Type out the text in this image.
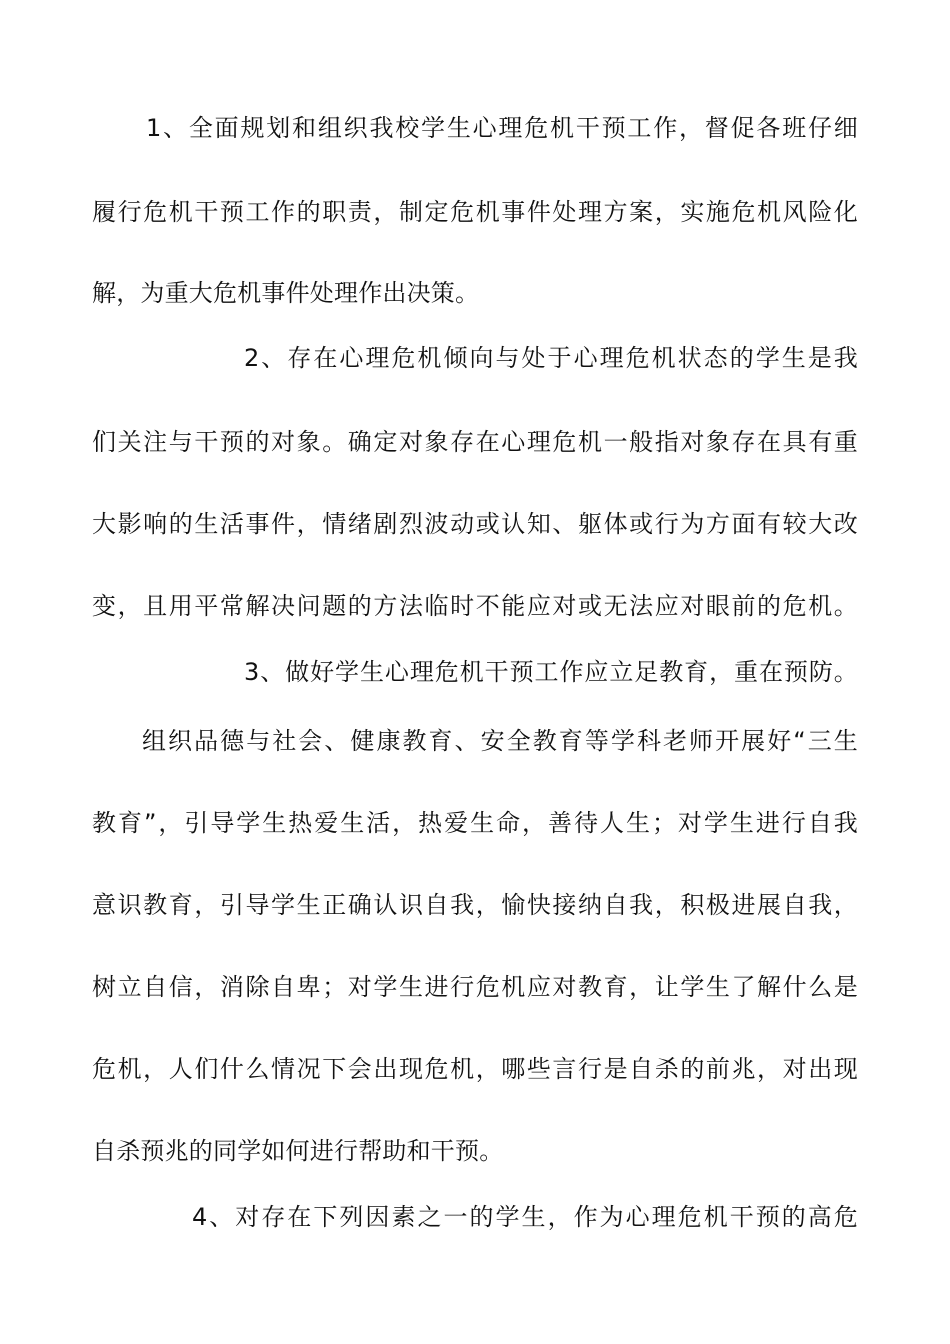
1、全面规划和组织我校学生心理危机干预工作，督促各班仔细
履行危机干预工作的职责，制定危机事件处理方案，实施危机风险化
解，为重大危机事件处理作出决策。
2、存在心理危机倾向与处于心理危机状态的学生是我
们关注与干预的对象。确定对象存在心理危机一般指对象存在具有重
大影响的生活事件，情绪剧烈波动或认知、躯体或行为方面有较大改
变，且用平常解决问题的方法临时不能应对或无法应对眼前的危机。
3、做好学生心理危机干预工作应立足教育，重在预防。
组织品德与社会、健康教育、安全教育等学科老师开展好“三生
教育”，引导学生热爱生活，热爱生命，善待人生；对学生进行自我
意识教育，引导学生正确认识自我，愉快接纳自我，积极进展自我，
树立自信，消除自卑；对学生进行危机应对教育，让学生了解什么是
危机，人们什么情况下会出现危机，哪些言行是自杀的前兆，对出现
自杀预兆的同学如何进行帮助和干预。
4、对存在下列因素之一的学生，作为心理危机干预的高危
